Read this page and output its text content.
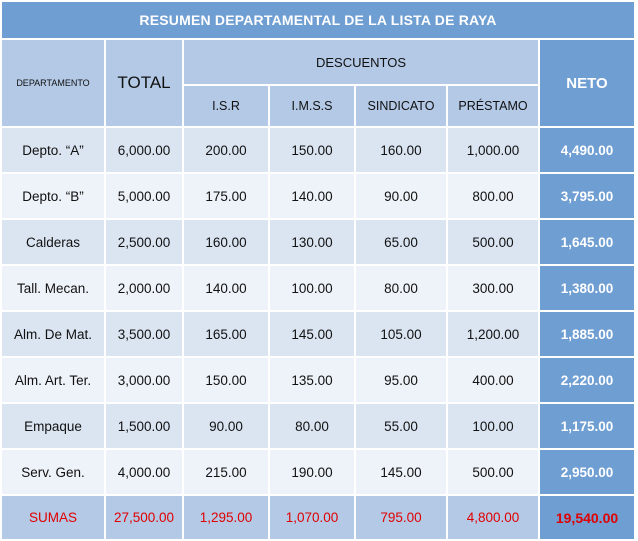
RESUMEN DEPARTAMENTAL DE LA LISTA DE RAYA						
DEPARTAMENTO	TOTAL	DESCUENTOS				NETO
		I.S.R	I.M.S.S	SINDICATO	PRÉSTAMO	
Depto. “A”	6,000.00	200.00	150.00	160.00	1,000.00	4,490.00
Depto. “B”	5,000.00	175.00	140.00	90.00	800.00	3,795.00
Calderas	2,500.00	160.00	130.00	65.00	500.00	1,645.00
Tall. Mecan.	2,000.00	140.00	100.00	80.00	300.00	1,380.00
Alm. De Mat.	3,500.00	165.00	145.00	105.00	1,200.00	1,885.00
Alm. Art. Ter.	3,000.00	150.00	135.00	95.00	400.00	2,220.00
Empaque	1,500.00	90.00	80.00	55.00	100.00	1,175.00
Serv. Gen.	4,000.00	215.00	190.00	145.00	500.00	2,950.00
SUMAS	27,500.00	1,295.00	1,070.00	795.00	4,800.00	19,540.00
